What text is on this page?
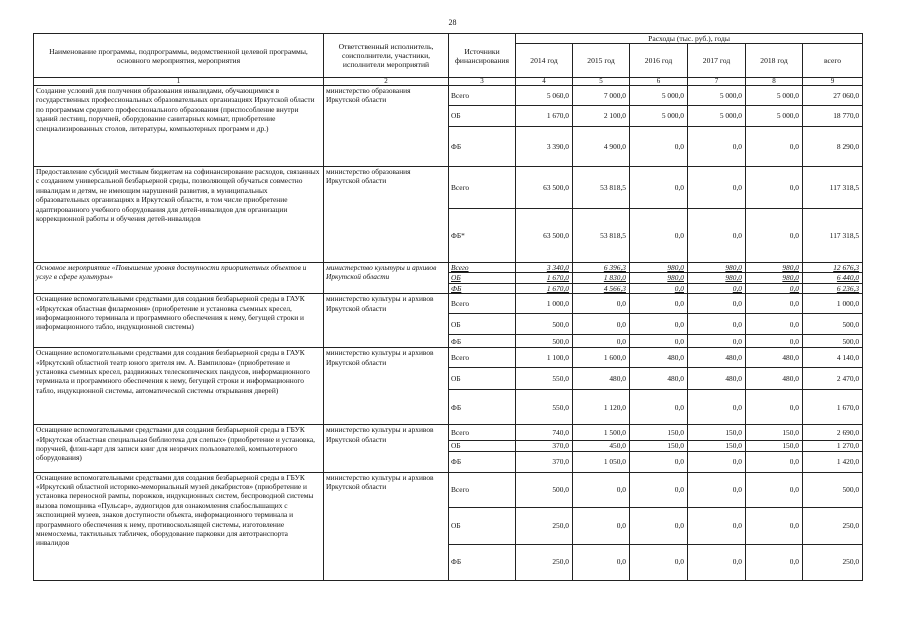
28
Наименование программы, подпрограммы, ведомственной целевой программы, основного мероприятия, мероприятия	Ответственный исполнитель, соисполнители, участники, исполнители мероприятий	Источники финансирования	Расходы (тыс. руб.), годы					
			2014 год	2015 год	2016 год	2017 год	2018 год	всего
1	2	3	4	5	6	7	8	9
Создание условий для получения образования инвалидами, обучающимися в государственных профессиональных образовательных организациях Иркутской области по программам среднего профессионального образования (приспособление внутри зданий лестниц, поручней, оборудование санитарных комнат, приобретение специализированных столов, литературы, компьютерных программ и др.)	министерство образования Иркутской области	Всего	5 060,0	7 000,0	5 000,0	5 000,0	5 000,0	27 060,0
		ОБ	1 670,0	2 100,0	5 000,0	5 000,0	5 000,0	18 770,0
		ФБ	3 390,0	4 900,0	0,0	0,0	0,0	8 290,0
Предоставление субсидий местным бюджетам на софинансирование расходов, связанных с созданием универсальной безбарьерной среды, позволяющей обучаться совместно инвалидам и детям, не имеющим нарушений развития, в муниципальных образовательных организациях в Иркутской области, в том числе приобретение адаптированного учебного оборудования для детей-инвалидов для организации коррекционной работы и обучения детей-инвалидов	министерство образования Иркутской области	Всего	63 500,0	53 818,5	0,0	0,0	0,0	117 318,5
		ФБ*	63 500,0	53 818,5	0,0	0,0	0,0	117 318,5
Основное мероприятие «Повышение уровня доступности приоритетных объектов и услуг в сфере культуры»	министерство культуры и архивов Иркутской области	Всего	3 340,0	6 396,3	980,0	980,0	980,0	12 676,3
		ОБ	1 670,0	1 830,0	980,0	980,0	980,0	6 440,0
		ФБ	1 670,0	4 566,3	0,0	0,0	0,0	6 236,3
Оснащение вспомогательными средствами для создания безбарьерной среды в ГАУК «Иркутская областная филармония» (приобретение и установка съемных кресел, информационного терминала и программного обеспечения к нему, бегущей строки и информационного табло, индукционной системы)	министерство культуры и архивов Иркутской области	Всего	1 000,0	0,0	0,0	0,0	0,0	1 000,0
		ОБ	500,0	0,0	0,0	0,0	0,0	500,0
		ФБ	500,0	0,0	0,0	0,0	0,0	500,0
Оснащение вспомогательными средствами для создания безбарьерной среды в ГАУК «Иркутский областной театр юного зрителя им. А. Вампилова» (приобретение и установка съемных кресел, раздвижных телескопических пандусов, информационного терминала и программного обеспечения к нему, бегущей строки и информационного табло, индукционной системы, автоматической системы открывания дверей)	министерство культуры и архивов Иркутской области	Всего	1 100,0	1 600,0	480,0	480,0	480,0	4 140,0
		ОБ	550,0	480,0	480,0	480,0	480,0	2 470,0
		ФБ	550,0	1 120,0	0,0	0,0	0,0	1 670,0
Оснащение вспомогательными средствами для создания безбарьерной среды в ГБУК «Иркутская областная специальная библиотека для слепых» (приобретение и установка, поручней, флэш-карт для записи книг для незрячих пользователей, компьютерного оборудования)	министерство культуры и архивов Иркутской области	Всего	740,0	1 500,0	150,0	150,0	150,0	2 690,0
		ОБ	370,0	450,0	150,0	150,0	150,0	1 270,0
		ФБ	370,0	1 050,0	0,0	0,0	0,0	1 420,0
Оснащение вспомогательными средствами для создания безбарьерной среды в ГБУК «Иркутский областной историко-мемориальный музей декабристов» (приобретение и установка переносной рампы, порожков, индукционных систем, беспроводной системы вызова помощника «Пульсар», аудиогидов для ознакомления слабослышащих с экспозицией музеев, знаков доступности объекта, информационного терминала и программного обеспечения к нему, противоскользящей системы, изготовление мнемосхемы, тактильных табличек, оборудование парковки для автотранспорта инвалидов	министерство культуры и архивов Иркутской области	Всего	500,0	0,0	0,0	0,0	0,0	500,0
		ОБ	250,0	0,0	0,0	0,0	0,0	250,0
		ФБ	250,0	0,0	0,0	0,0	0,0	250,0
